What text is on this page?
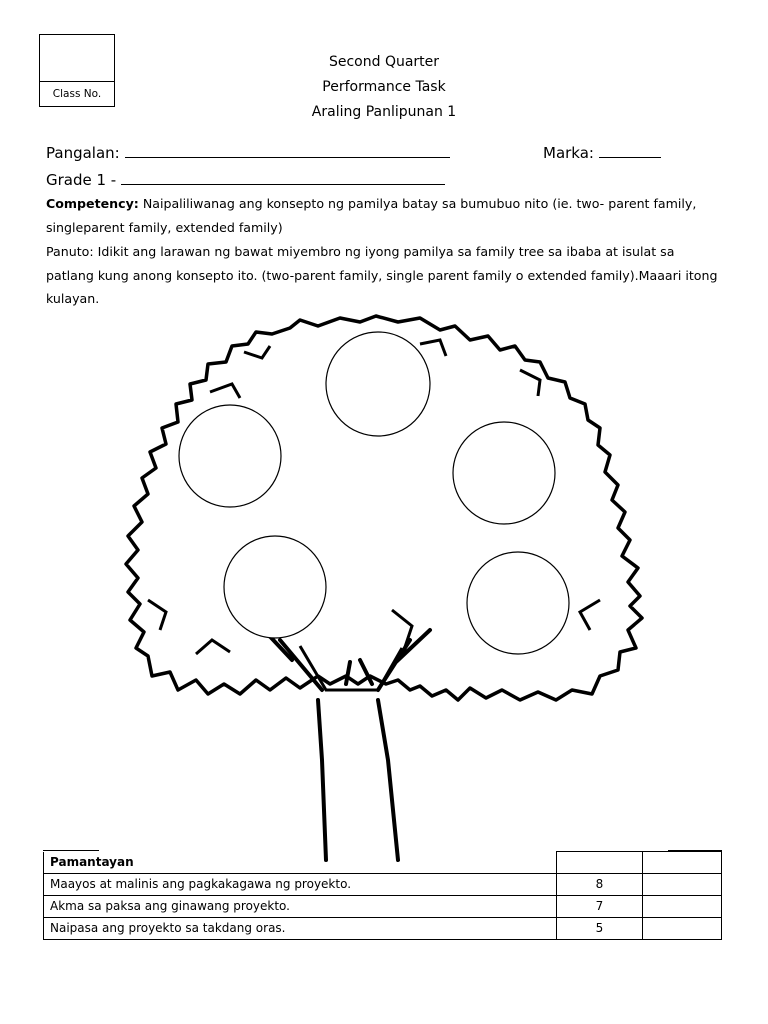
Class No.
Second Quarter
Performance Task
Araling Panlipunan 1
Pangalan:	Marka:
Grade 1 -
Competency: Naipaliliwanag ang konsepto ng pamilya batay sa bumubuo nito (ie. two- parent family, singleparent family, extended family)
Panuto: Idikit ang larawan ng bawat miyembro ng iyong pamilya sa family tree sa ibaba at isulat sa patlang kung anong konsepto ito. (two-parent family, single parent family o extended family).Maaari itong kulayan.
Pamantayan		
Maayos at malinis ang pagkakagawa ng proyekto.	8	
Akma sa paksa ang ginawang proyekto.	7	
Naipasa ang proyekto sa takdang oras.	5	
